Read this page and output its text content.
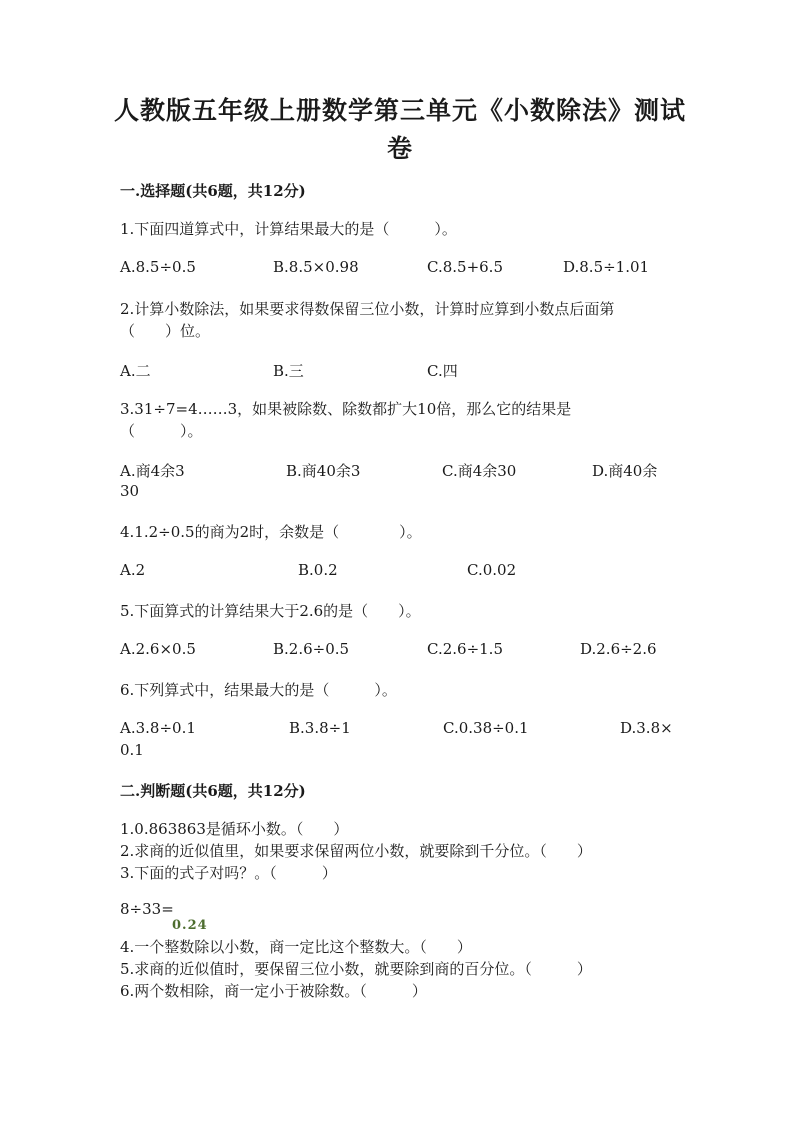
人教版五年级上册数学第三单元《小数除法》测试
卷
一.选择题(共6题，共12分)
1.下面四道算式中，计算结果最大的是（　　　）。
A.8.5÷0.5	B.8.5×0.98	C.8.5+6.5	D.8.5÷1.01
2.计算小数除法，如果要求得数保留三位小数，计算时应算到小数点后面第
（　　）位。
A.二	B.三	C.四
3.31÷7=4……3，如果被除数、除数都扩大10倍，那么它的结果是
（　　　）。
A.商4余3	B.商40余3	C.商4余30	D.商40余
30
4.1.2÷0.5的商为2时，余数是（　　　　）。
A.2	B.0.2	C.0.02
5.下面算式的计算结果大于2.6的是（　　）。
A.2.6×0.5	B.2.6÷0.5	C.2.6÷1.5	D.2.6÷2.6
6.下列算式中，结果最大的是（　　　）。
A.3.8÷0.1	B.3.8÷1	C.0.38÷0.1	D.3.8×
0.1
二.判断题(共6题，共12分)
1.0.863863是循环小数。（　　）
2.求商的近似值里，如果要求保留两位小数，就要除到千分位。（　　）
3.下面的式子对吗？。（　　　）
8÷33=
0.24
4.一个整数除以小数，商一定比这个整数大。（　　）
5.求商的近似值时，要保留三位小数，就要除到商的百分位。（　　　）
6.两个数相除，商一定小于被除数。（　　　）
